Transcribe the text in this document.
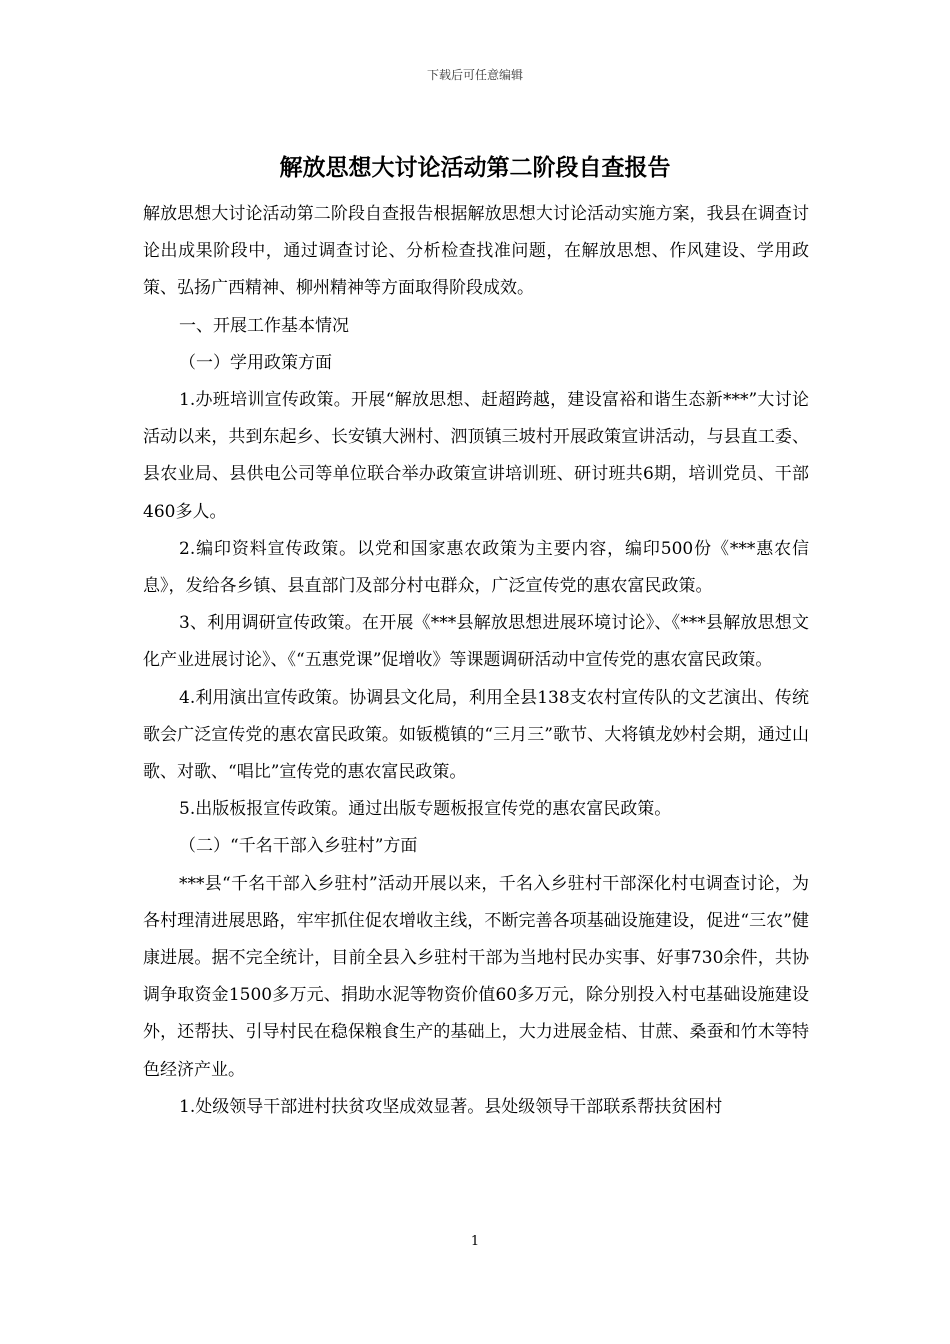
下载后可任意编辑
解放思想大讨论活动第二阶段自查报告

解放思想大讨论活动第二阶段自查报告根据解放思想大讨论活动实施方案，我县在调查讨论出成果阶段中，通过调查讨论、分析检查找准问题，在解放思想、作风建设、学用政策、弘扬广西精神、柳州精神等方面取得阶段成效。

一、开展工作基本情况

（一）学用政策方面

1.办班培训宣传政策。开展“解放思想、赶超跨越，建设富裕和谐生态新***”大讨论活动以来，共到东起乡、长安镇大洲村、泗顶镇三坡村开展政策宣讲活动，与县直工委、县农业局、县供电公司等单位联合举办政策宣讲培训班、研讨班共6期，培训党员、干部460多人。

2.编印资料宣传政策。以党和国家惠农政策为主要内容，编印500份《***惠农信息》，发给各乡镇、县直部门及部分村屯群众，广泛宣传党的惠农富民政策。

3、利用调研宣传政策。在开展《***县解放思想进展环境讨论》、《***县解放思想文化产业进展讨论》、《“五惠党课”促增收》等课题调研活动中宣传党的惠农富民政策。

4.利用演出宣传政策。协调县文化局，利用全县138支农村宣传队的文艺演出、传统歌会广泛宣传党的惠农富民政策。如钣榄镇的“三月三”歌节、大将镇龙妙村会期，通过山歌、对歌、“唱比”宣传党的惠农富民政策。

5.出版板报宣传政策。通过出版专题板报宣传党的惠农富民政策。

（二）“千名干部入乡驻村”方面

***县“千名干部入乡驻村”活动开展以来，千名入乡驻村干部深化村屯调查讨论，为各村理清进展思路，牢牢抓住促农增收主线，不断完善各项基础设施建设，促进“三农”健康进展。据不完全统计，目前全县入乡驻村干部为当地村民办实事、好事730余件，共协调争取资金1500多万元、捐助水泥等物资价值60多万元，除分别投入村屯基础设施建设外，还帮扶、引导村民在稳保粮食生产的基础上，大力进展金桔、甘蔗、桑蚕和竹木等特色经济产业。

1.处级领导干部进村扶贫攻坚成效显著。县处级领导干部联系帮扶贫困村

1
